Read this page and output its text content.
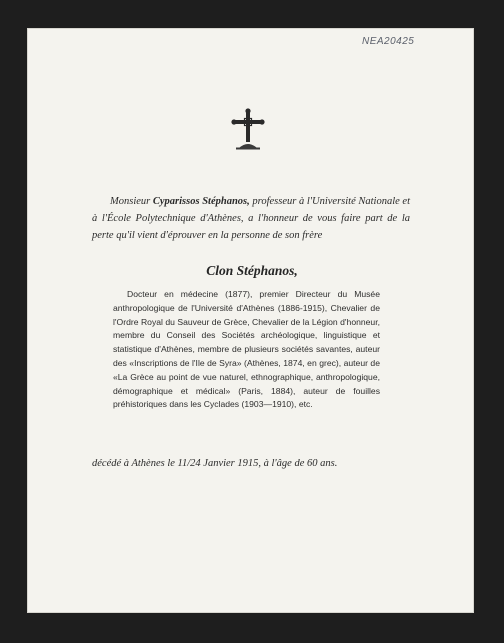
NEA20425
Monsieur Cyparissos Stéphanos, professeur à l'Université Nationale et à l'École Polytechnique d'Athènes, a l'honneur de vous faire part de la perte qu'il vient d'éprouver en la personne de son frère
Clon Stéphanos,
Docteur en médecine (1877), premier Directeur du Musée anthropologique de l'Université d'Athènes (1886-1915), Chevalier de l'Ordre Royal du Sauveur de Grèce, Chevalier de la Légion d'honneur, membre du Conseil des Sociétés archéologique, linguistique et statistique d'Athènes, membre de plusieurs sociétés savantes, auteur des «Inscriptions de l'Ile de Syra» (Athènes, 1874, en grec), auteur de «La Grèce au point de vue naturel, ethnographique, anthropologique, démographique et médical» (Paris, 1884), auteur de fouilles préhistoriques dans les Cyclades (1903—1910), etc.
décédé à Athènes le 11/24 Janvier 1915, à l'âge de 60 ans.
